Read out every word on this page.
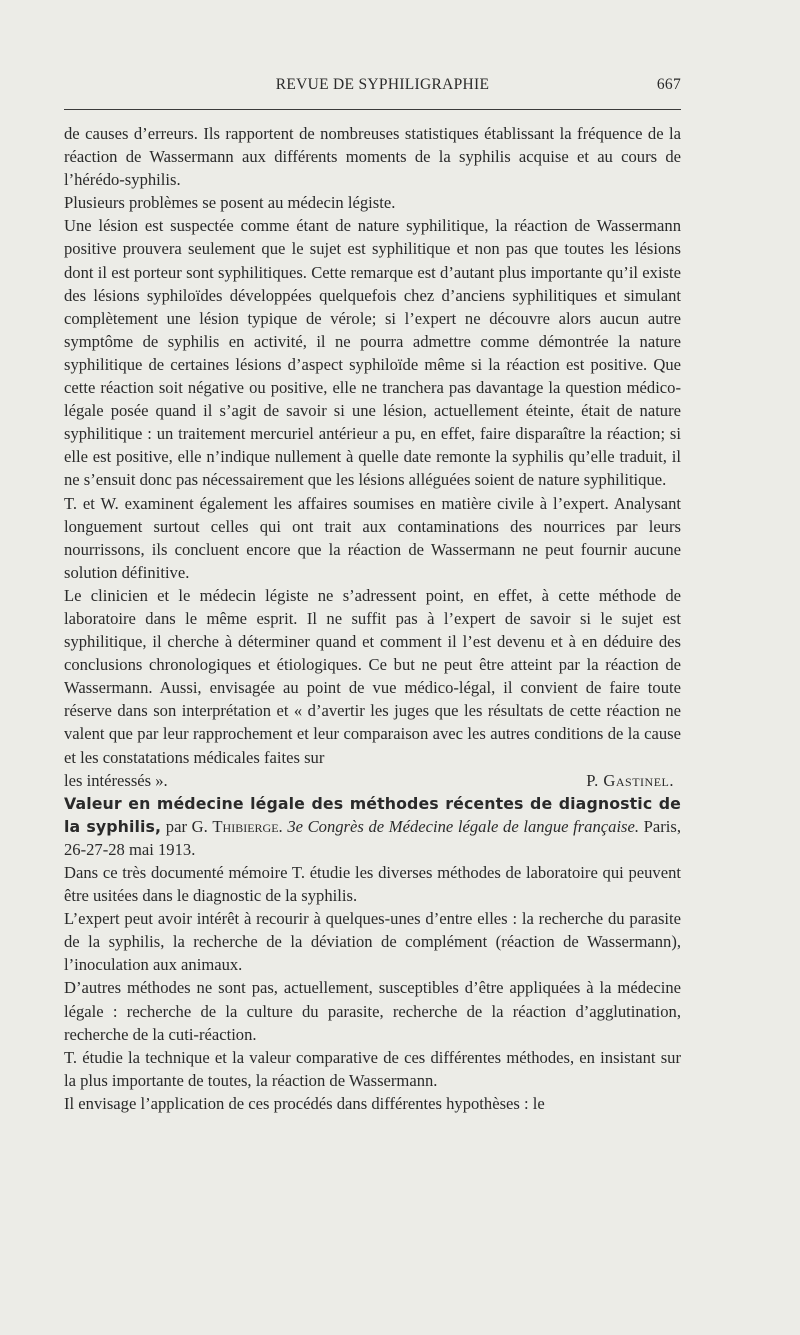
REVUE DE SYPHILIGRAPHIE	667

de causes d’erreurs. Ils rapportent de nombreuses statistiques établissant la fréquence de la réaction de Wassermann aux différents moments de la syphilis acquise et au cours de l’hérédo-syphilis.

Plusieurs problèmes se posent au médecin légiste.

Une lésion est suspectée comme étant de nature syphilitique, la réaction de Wassermann positive prouvera seulement que le sujet est syphilitique et non pas que toutes les lésions dont il est porteur sont syphilitiques. Cette remarque est d’autant plus importante qu’il existe des lésions syphiloïdes développées quelquefois chez d’anciens syphilitiques et simulant complètement une lésion typique de vérole; si l’expert ne découvre alors aucun autre symptôme de syphilis en activité, il ne pourra admettre comme démontrée la nature syphilitique de certaines lésions d’aspect syphiloïde même si la réaction est positive. Que cette réaction soit négative ou positive, elle ne tranchera pas davantage la question médico-légale posée quand il s’agit de savoir si une lésion, actuellement éteinte, était de nature syphilitique : un traitement mercuriel antérieur a pu, en effet, faire disparaître la réaction; si elle est positive, elle n’indique nullement à quelle date remonte la syphilis qu’elle traduit, il ne s’ensuit donc pas nécessairement que les lésions alléguées soient de nature syphilitique.

T. et W. examinent également les affaires soumises en matière civile à l’expert. Analysant longuement surtout celles qui ont trait aux contaminations des nourrices par leurs nourrissons, ils concluent encore que la réaction de Wassermann ne peut fournir aucune solution définitive.

Le clinicien et le médecin légiste ne s’adressent point, en effet, à cette méthode de laboratoire dans le même esprit. Il ne suffit pas à l’expert de savoir si le sujet est syphilitique, il cherche à déterminer quand et comment il l’est devenu et à en déduire des conclusions chronologiques et étiologiques. Ce but ne peut être atteint par la réaction de Wassermann. Aussi, envisagée au point de vue médico-légal, il convient de faire toute réserve dans son interprétation et « d’avertir les juges que les résultats de cette réaction ne valent que par leur rapprochement et leur comparaison avec les autres conditions de la cause et les constatations médicales faites sur

les intéressés ».	P. Gastinel.

Valeur en médecine légale des méthodes récentes de diagnostic de la syphilis, par G. Thibierge. 3e Congrès de Médecine légale de langue française. Paris, 26-27-28 mai 1913.

Dans ce très documenté mémoire T. étudie les diverses méthodes de laboratoire qui peuvent être usitées dans le diagnostic de la syphilis.

L’expert peut avoir intérêt à recourir à quelques-unes d’entre elles : la recherche du parasite de la syphilis, la recherche de la déviation de complément (réaction de Wassermann), l’inoculation aux animaux.

D’autres méthodes ne sont pas, actuellement, susceptibles d’être appliquées à la médecine légale : recherche de la culture du parasite, recherche de la réaction d’agglutination, recherche de la cuti-réaction.

T. étudie la technique et la valeur comparative de ces différentes méthodes, en insistant sur la plus importante de toutes, la réaction de Wassermann.

Il envisage l’application de ces procédés dans différentes hypothèses : le
